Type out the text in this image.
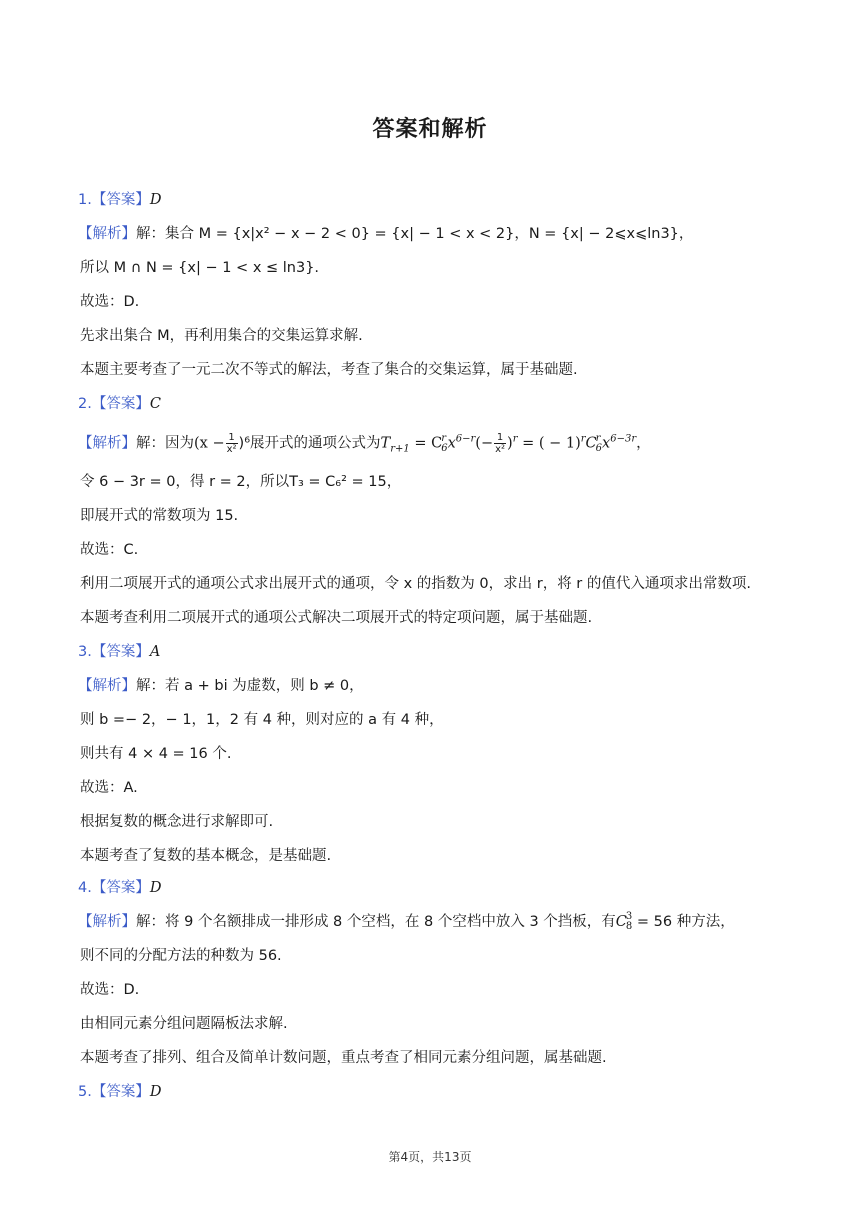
答案和解析
1.【答案】D
【解析】解：集合 M = {x|x² − x − 2 < 0} = {x| − 1 < x < 2}，N = {x| − 2⩽x⩽ln3}，
所以 M ∩ N = {x| − 1 < x ≤ ln3}.
故选：D.
先求出集合 M，再利用集合的交集运算求解.
本题主要考查了一元二次不等式的解法，考查了集合的交集运算，属于基础题.
2.【答案】C
【解析】解：因为$(x - \frac{1}{\text{x²}} )^6$展开式的通项公式为$T_{r+1} = C$ r
6 $x^{6-r}(- \frac{1}{\text{x²}} )^r$ = ( − 1)$^r$C r
6 $x^{6-3r}$，
令 6 − 3r = 0，得 r = 2，所以T₃ = C₆² = 15，
即展开式的常数项为 15.
故选：C.
利用二项展开式的通项公式求出展开式的通项，令 x 的指数为 0，求出 r，将 r 的值代入通项求出常数项.
本题考查利用二项展开式的通项公式解决二项展开式的特定项问题，属于基础题.
3.【答案】A
【解析】解：若 a + bi 为虚数，则 b ≠ 0，
则 b =− 2，− 1，1，2 有 4 种，则对应的 a 有 4 种，
则共有 4 × 4 = 16 个.
故选：A.
根据复数的概念进行求解即可.
本题考查了复数的基本概念，是基础题.
4.【答案】D
【解析】解：将 9 个名额排成一排形成 8 个空档，在 8 个空档中放入 3 个挡板，有C 3
8 = 56 种方法，
则不同的分配方法的种数为 56.
故选：D.
由相同元素分组问题隔板法求解.
本题考查了排列、组合及简单计数问题，重点考查了相同元素分组问题，属基础题.
5.【答案】D
第4页，共13页
